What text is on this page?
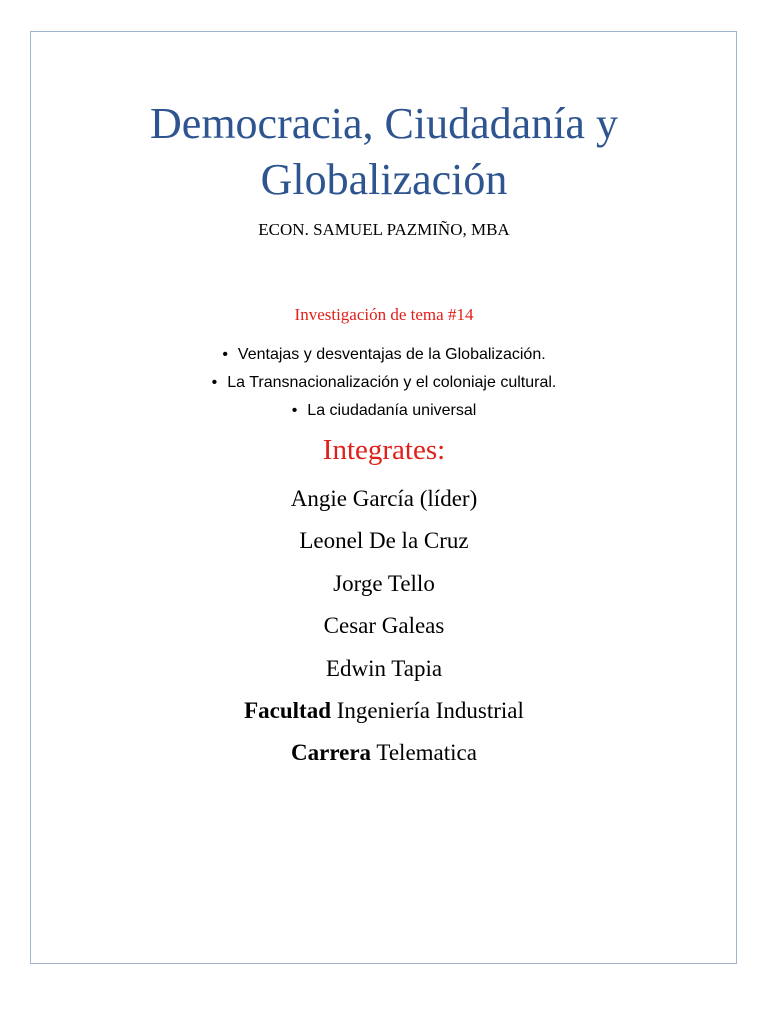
Democracia, Ciudadanía y
Globalización
ECON. SAMUEL PAZMIÑO, MBA
Investigación de tema #14
• Ventajas y desventajas de la Globalización.
• La Transnacionalización y el coloniaje cultural.
• La ciudadanía universal
Integrates:
Angie García (líder)
Leonel De la Cruz
Jorge Tello
Cesar Galeas
Edwin Tapia
Facultad Ingeniería Industrial
Carrera Telematica
